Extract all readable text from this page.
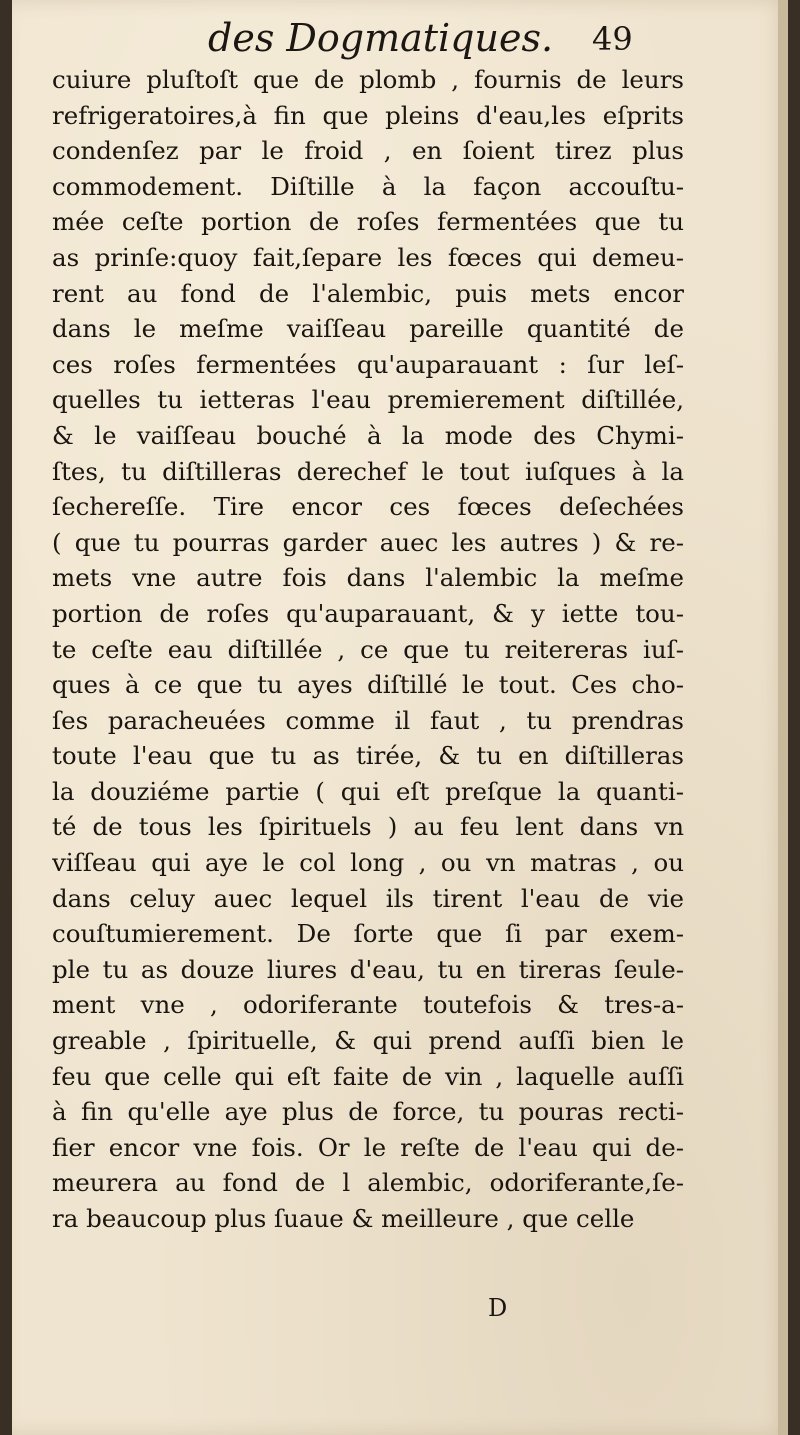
des Dogmatiques. 49
cuiure pluſtoſt que de plomb , fournis de leurs
refrigeratoires,à fin que pleins d'eau,les eſprits
condenſez par le froid , en ſoient tirez plus
commodement. Diſtille à la façon accouſtu-
mée ceſte portion de roſes fermentées que tu
as prinſe:quoy fait,ſepare les fœces qui demeu-
rent au fond de l'alembic, puis mets encor
dans le meſme vaiſſeau pareille quantité de
ces roſes fermentées qu'auparauant : ſur leſ-
quelles tu ietteras l'eau premierement diſtillée,
& le vaiſſeau bouché à la mode des Chymi-
ſtes, tu diſtilleras derechef le tout iuſques à la
ſechereſſe. Tire encor ces fœces deſechées
( que tu pourras garder auec les autres ) & re-
mets vne autre fois dans l'alembic la meſme
portion de roſes qu'auparauant, & y iette tou-
te ceſte eau diſtillée , ce que tu reitereras iuſ-
ques à ce que tu ayes diſtillé le tout. Ces cho-
ſes paracheuées comme il faut , tu prendras
toute l'eau que tu as tirée, & tu en diſtilleras
la douziéme partie ( qui eſt preſque la quanti-
té de tous les ſpirituels ) au feu lent dans vn
viſſeau qui aye le col long , ou vn matras , ou
dans celuy auec lequel ils tirent l'eau de vie
couſtumierement. De ſorte que ſi par exem-
ple tu as douze liures d'eau, tu en tireras ſeule-
ment vne , odoriferante toutefois & tres-a-
greable , ſpirituelle, & qui prend auſſi bien le
feu que celle qui eſt faite de vin , laquelle auſſi
à fin qu'elle aye plus de force, tu pouras recti-
fier encor vne fois. Or le reſte de l'eau qui de-
meurera au fond de l alembic, odoriferante,ſe-
ra beaucoup plus ſuaue & meilleure , que celle
D
